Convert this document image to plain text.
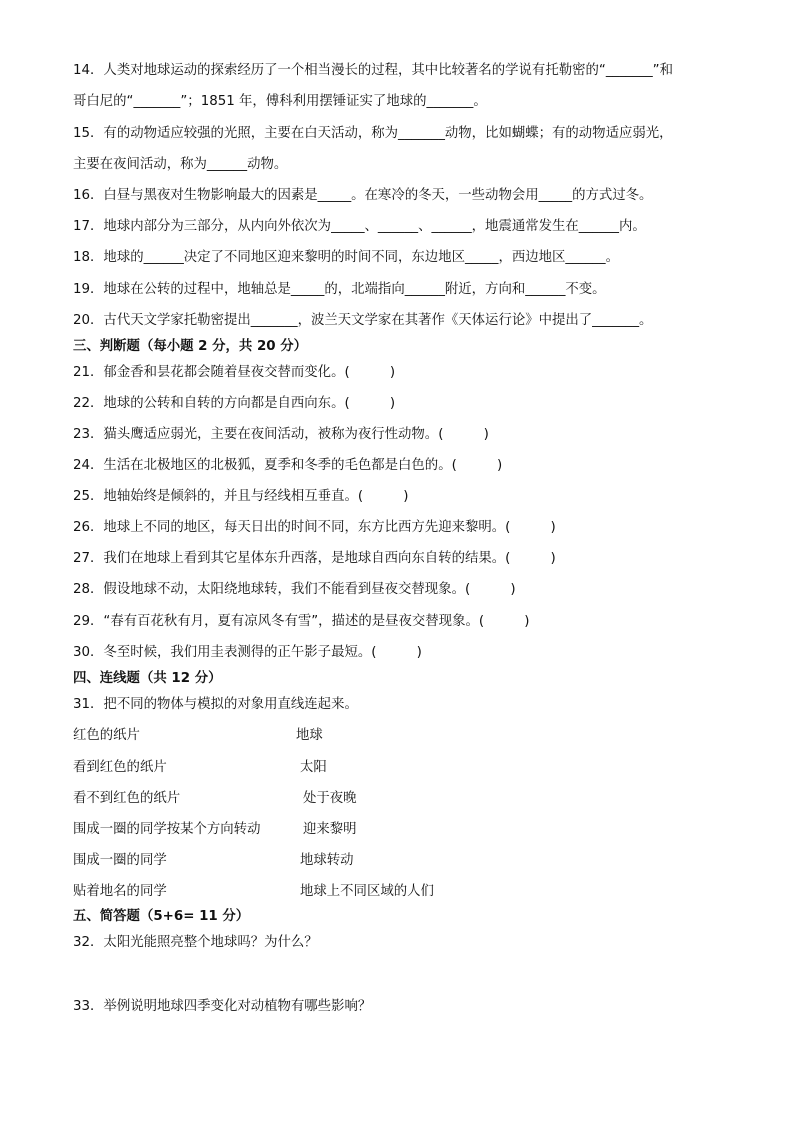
14．人类对地球运动的探索经历了一个相当漫长的过程，其中比较著名的学说有托勒密的“_______”和
哥白尼的“_______”；1851 年，傅科利用摆锤证实了地球的_______。
15．有的动物适应较强的光照，主要在白天活动，称为_______动物，比如蝴蝶；有的动物适应弱光，
主要在夜间活动，称为______动物。
16．白昼与黑夜对生物影响最大的因素是_____。在寒冷的冬天，一些动物会用_____的方式过冬。
17．地球内部分为三部分，从内向外依次为_____、______、______，地震通常发生在______内。
18．地球的______决定了不同地区迎来黎明的时间不同，东边地区_____，西边地区______。
19．地球在公转的过程中，地轴总是_____的，北端指向______附近，方向和______不变。
20．古代天文学家托勒密提出_______，波兰天文学家在其著作《天体运行论》中提出了_______。
三、判断题（每小题 2 分，共 20 分）
21．郁金香和昙花都会随着昼夜交替而变化。(　　　)
22．地球的公转和自转的方向都是自西向东。(　　　)
23．猫头鹰适应弱光，主要在夜间活动，被称为夜行性动物。(　　　)
24．生活在北极地区的北极狐，夏季和冬季的毛色都是白色的。(　　　)
25．地轴始终是倾斜的，并且与经线相互垂直。(　　　)
26．地球上不同的地区，每天日出的时间不同，东方比西方先迎来黎明。(　　　)
27．我们在地球上看到其它星体东升西落，是地球自西向东自转的结果。(　　　)
28．假设地球不动，太阳绕地球转，我们不能看到昼夜交替现象。(　　　)
29．“春有百花秋有月，夏有凉风冬有雪”，描述的是昼夜交替现象。(　　　)
30．冬至时候，我们用圭表测得的正午影子最短。(　　　)
四、连线题（共 12 分）
31．把不同的物体与模拟的对象用直线连起来。
红色的纸片	地球
看到红色的纸片	太阳
看不到红色的纸片	处于夜晚
围成一圈的同学按某个方向转动	迎来黎明
围成一圈的同学	地球转动
贴着地名的同学	地球上不同区域的人们
五、简答题（5+6= 11 分）
32．太阳光能照亮整个地球吗？为什么？
33．举例说明地球四季变化对动植物有哪些影响？
